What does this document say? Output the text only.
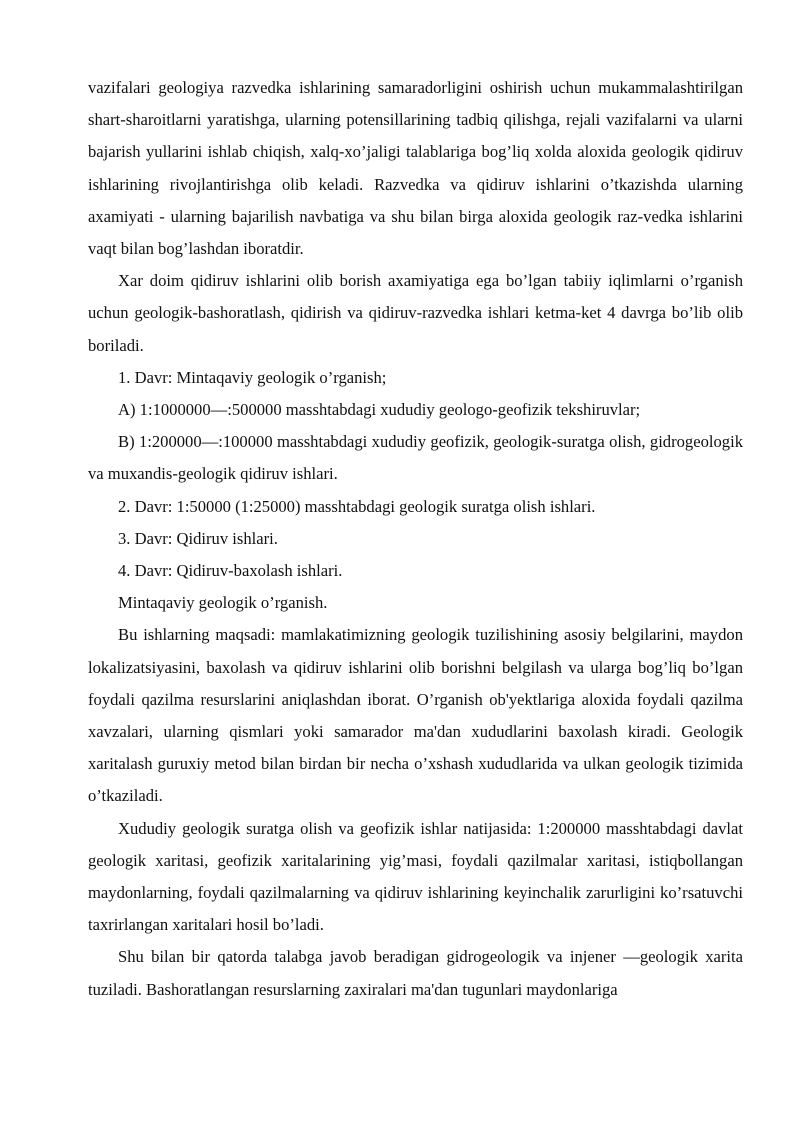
vazifalari geologiya razvedka ishlarining samaradorligini oshirish uchun mukammalashtirilgan shart-sharoitlarni yaratishga, ularning potensillarining tadbiq qilishga, rejali vazifalarni va ularni bajarish yullarini ishlab chiqish, xalq-xo’jaligi talablariga bog’liq xolda aloxida geologik qidiruv ishlarining rivojlantirishga olib keladi. Razvedka va qidiruv ishlarini o’tkazishda ularning axamiyati - ularning bajarilish navbatiga va shu bilan birga aloxida geologik raz-vedka ishlarini vaqt bilan bog’lashdan iboratdir.

Xar doim qidiruv ishlarini olib borish axamiyatiga ega bo’lgan tabiiy iqlimlarni o’rganish uchun geologik-bashoratlash, qidirish va qidiruv-razvedka ishlari ketma-ket 4 davrga bo’lib olib boriladi.

1. Davr: Mintaqaviy geologik o’rganish;

A) 1:1000000—:500000 masshtabdagi xududiy geologo-geofizik tekshiruvlar;

B) 1:200000—:100000 masshtabdagi xududiy geofizik, geologik-suratga olish, gidrogeologik va muxandis-geologik qidiruv ishlari.

2. Davr: 1:50000 (1:25000) masshtabdagi geologik suratga olish ishlari.

3. Davr: Qidiruv ishlari.

4. Davr: Qidiruv-baxolash ishlari.

Mintaqaviy geologik o’rganish.

Bu ishlarning maqsadi: mamlakatimizning geologik tuzilishining asosiy belgilarini, maydon lokalizatsiyasini, baxolash va qidiruv ishlarini olib borishni belgilash va ularga bog’liq bo’lgan foydali qazilma resurslarini aniqlashdan iborat. O’rganish ob'yektlariga aloxida foydali qazilma xavzalari, ularning qismlari yoki samarador ma'dan xududlarini baxolash kiradi. Geologik xaritalash guruxiy metod bilan birdan bir necha o’xshash xududlarida va ulkan geologik tizimida o’tkaziladi.

Xududiy geologik suratga olish va geofizik ishlar natijasida: 1:200000 masshtabdagi davlat geologik xaritasi, geofizik xaritalarining yig’masi, foydali qazilmalar xaritasi, istiqbollangan maydonlarning, foydali qazilmalarning va qidiruv ishlarining keyinchalik zarurligini ko’rsatuvchi taxrirlangan xaritalari hosil bo’ladi.

Shu bilan bir qatorda talabga javob beradigan gidrogeologik va injener —geologik xarita tuziladi. Bashoratlangan resurslarning zaxiralari ma'dan tugunlari maydonlariga
